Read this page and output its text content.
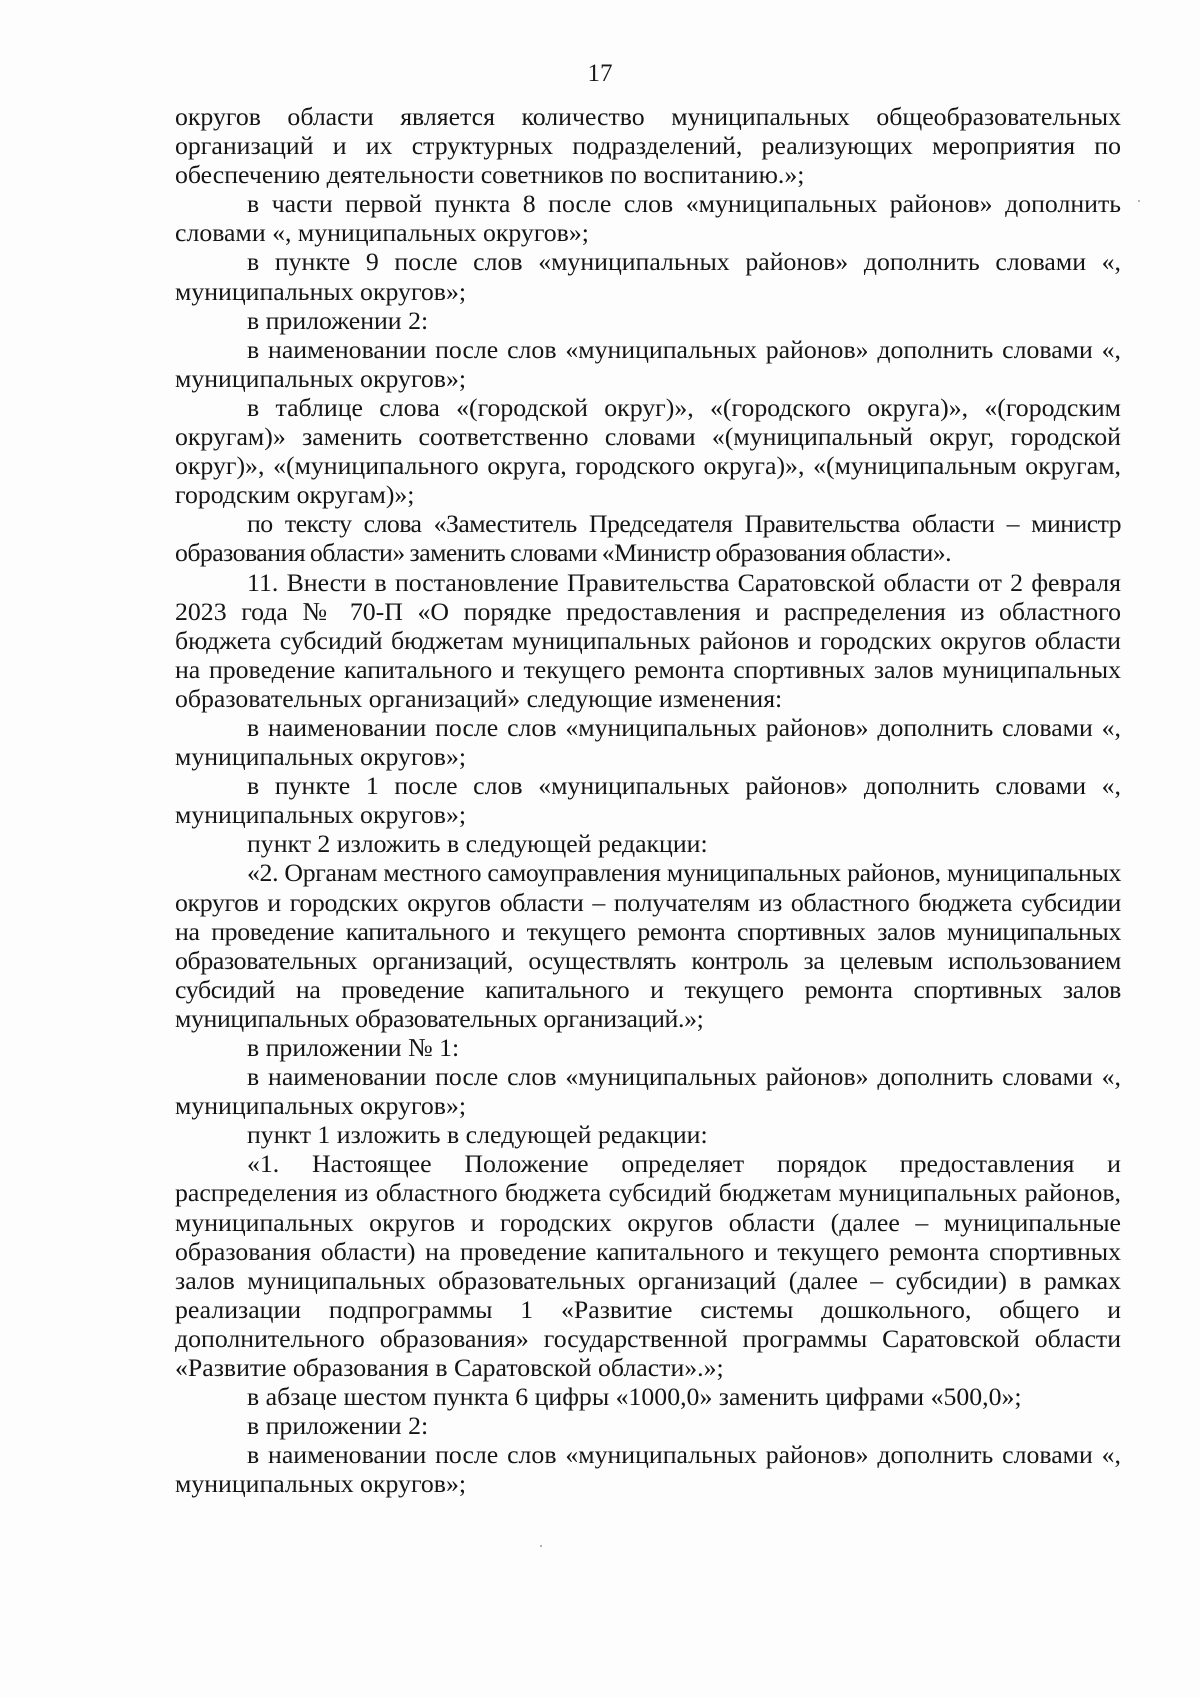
17

округов области является количество муниципальных общеобразовательных организаций и их структурных подразделений, реализующих мероприятия по обеспечению деятельности советников по воспитанию.»;

в части первой пункта 8 после слов «муниципальных районов» дополнить словами «, муниципальных округов»;

в пункте 9 после слов «муниципальных районов» дополнить словами «, муниципальных округов»;

в приложении 2:

в наименовании после слов «муниципальных районов» дополнить словами «, муниципальных округов»;

в таблице слова «(городской округ)», «(городского округа)», «(городским округам)» заменить соответственно словами «(муниципальный округ, городской округ)», «(муниципального округа, городского округа)», «(муниципальным округам, городским округам)»;

по тексту слова «Заместитель Председателя Правительства области – министр образования области» заменить словами «Министр образования области».

11. Внести в постановление Правительства Саратовской области от 2 февраля 2023 года № 70-П «О порядке предоставления и распределения из областного бюджета субсидий бюджетам муниципальных районов и городских округов области на проведение капитального и текущего ремонта спортивных залов муниципальных образовательных организаций» следующие изменения:

в наименовании после слов «муниципальных районов» дополнить словами «, муниципальных округов»;

в пункте 1 после слов «муниципальных районов» дополнить словами «, муниципальных округов»;

пункт 2 изложить в следующей редакции:

«2. Органам местного самоуправления муниципальных районов, муниципальных округов и городских округов области – получателям из областного бюджета субсидии на проведение капитального и текущего ремонта спортивных залов муниципальных образовательных организаций, осуществлять контроль за целевым использованием субсидий на проведение капитального и текущего ремонта спортивных залов муниципальных образовательных организаций.»;

в приложении № 1:

в наименовании после слов «муниципальных районов» дополнить словами «, муниципальных округов»;

пункт 1 изложить в следующей редакции:

«1. Настоящее Положение определяет порядок предоставления и распределения из областного бюджета субсидий бюджетам муниципальных районов, муниципальных округов и городских округов области (далее – муниципальные образования области) на проведение капитального и текущего ремонта спортивных залов муниципальных образовательных организаций (далее – субсидии) в рамках реализации подпрограммы 1 «Развитие системы дошкольного, общего и дополнительного образования» государственной программы Саратовской области «Развитие образования в Саратовской области».»;

в абзаце шестом пункта 6 цифры «1000,0» заменить цифрами «500,0»;

в приложении 2:

в наименовании после слов «муниципальных районов» дополнить словами «, муниципальных округов»;
